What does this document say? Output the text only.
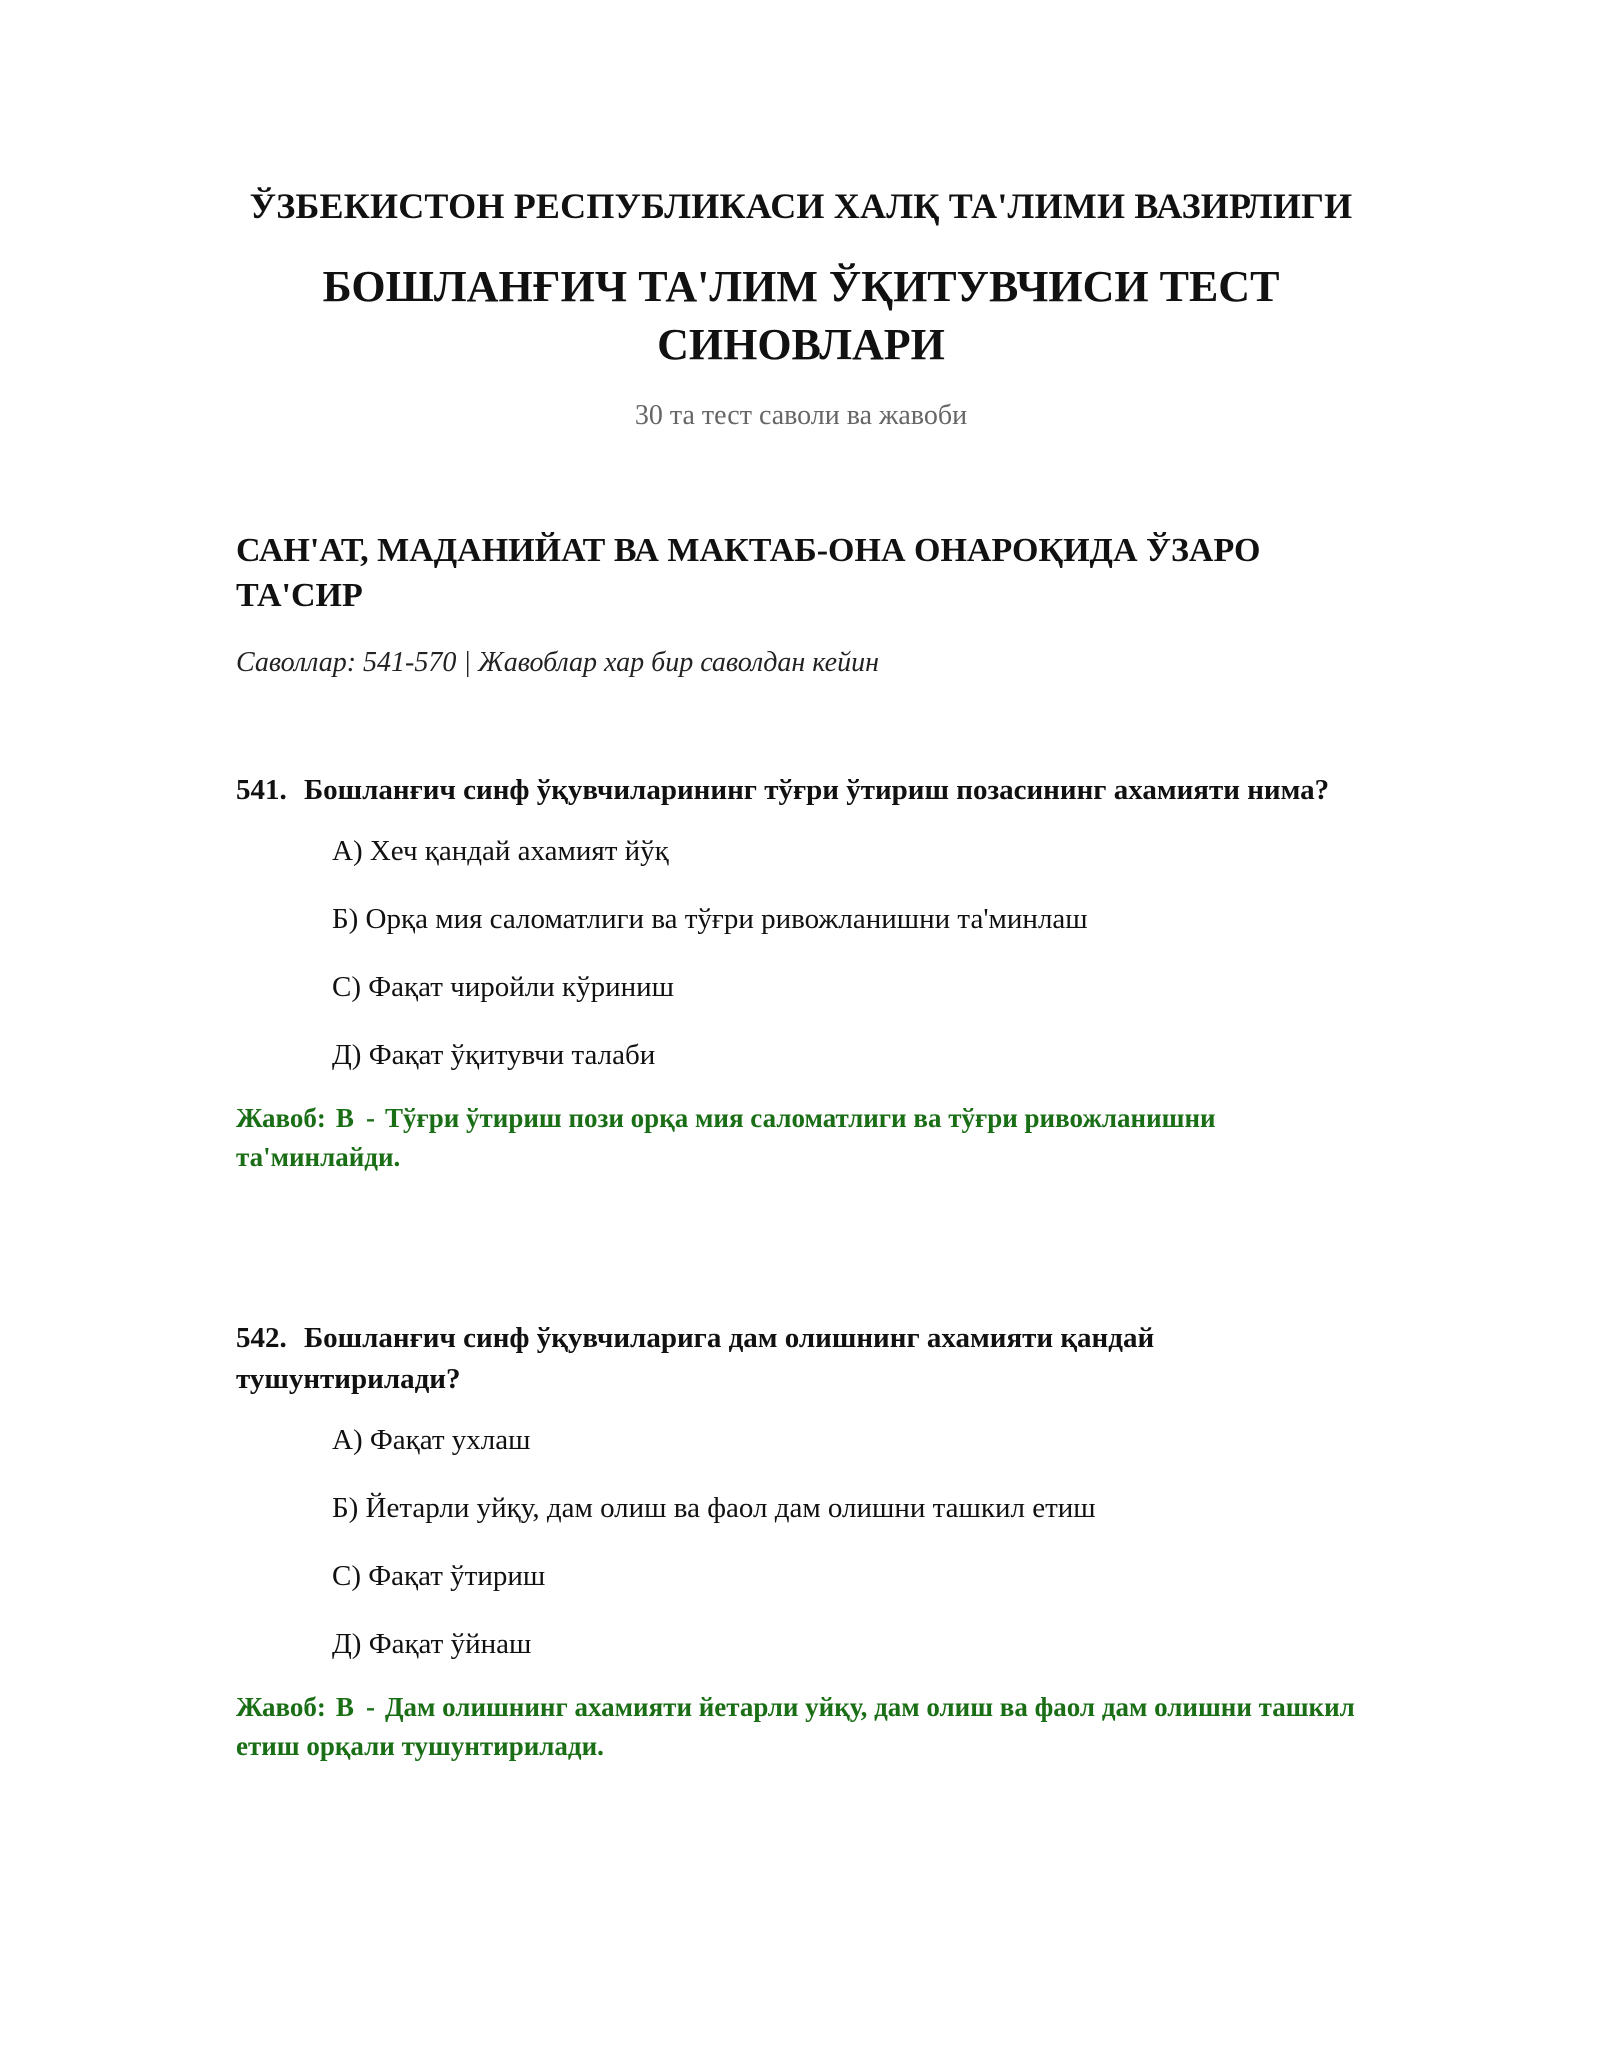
ЎЗБЕКИСТОН РЕСПУБЛИКАСИ ХАЛҚ ТА'ЛИМИ ВАЗИРЛИГИ
БОШЛАНҒИЧ ТА'ЛИМ ЎҚИТУВЧИСИ ТЕСТ СИНОВЛАРИ
30 та тест саволи ва жавоби
САН'АТ, МАДАНИЙАТ ВА МАКТАБ-ОНА ОНАРОҚИДА ЎЗАРО ТА'СИР
Саволлар: 541-570 | Жавоблар хар бир саволдан кейин

541. Бошланғич синф ўқувчиларининг тўғри ўтириш позасининг ахамияти нима?

А) Хеч қандай ахамият йўқ
Б) Орқа мия саломатлиги ва тўғри ривожланишни та'минлаш
С) Фақат чиройли кўриниш
Д) Фақат ўқитувчи талаби

Жавоб: В - Тўғри ўтириш пози орқа мия саломатлиги ва тўғри ривожланишни та'минлайди.

542. Бошланғич синф ўқувчиларига дам олишнинг ахамияти қандай тушунтирилади?

А) Фақат ухлаш
Б) Йетарли уйқу, дам олиш ва фаол дам олишни ташкил етиш
С) Фақат ўтириш
Д) Фақат ўйнаш

Жавоб: В - Дам олишнинг ахамияти йетарли уйқу, дам олиш ва фаол дам олишни ташкил етиш орқали тушунтирилади.
